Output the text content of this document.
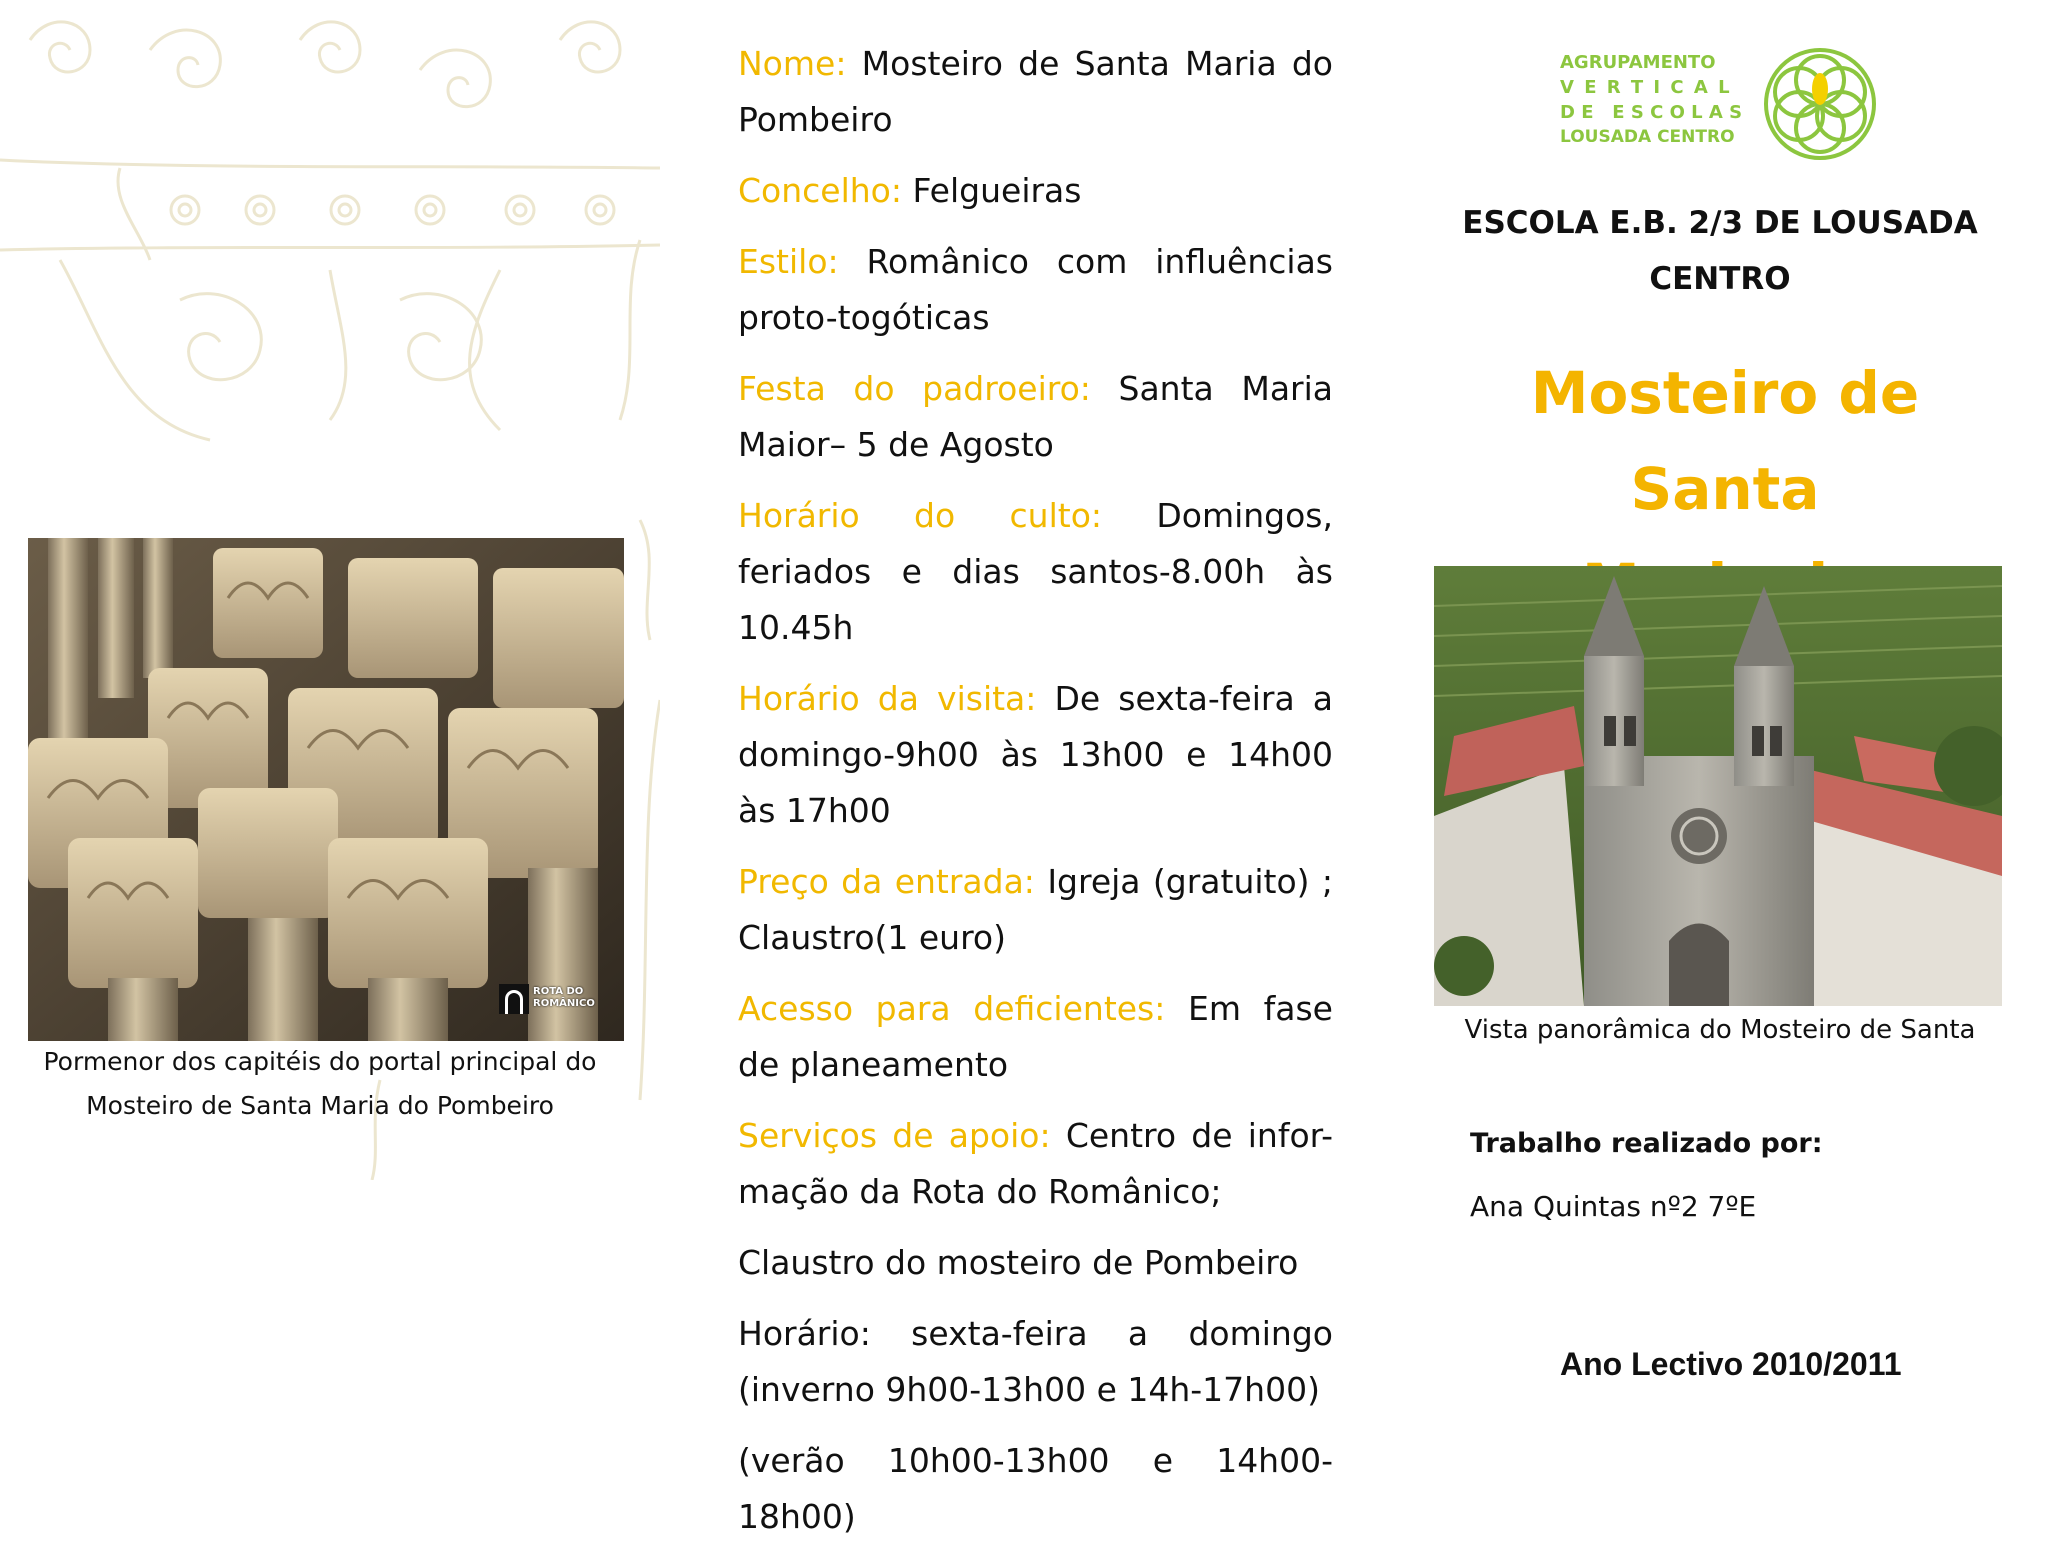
ROTA DO
ROMÂNICO
Pormenor dos capitéis do portal principal do
Mosteiro de Santa Maria do Pombeiro

Nome: Mosteiro de Santa Maria do Pombeiro

Concelho: Felgueiras

Estilo: Românico com influências proto-togóticas

Festa do padroeiro: Santa Maria Maior– 5 de Agosto

Horário do culto: Domingos, feriados e dias santos-8.00h às 10.45h

Horário da visita: De sexta-feira a domingo-9h00 às 13h00 e 14h00 às 17h00

Preço da entrada: Igreja (gratuito) ; Claustro(1 euro)

Acesso para deficientes: Em fase de planeamento

Serviços de apoio: Centro de infor-mação da Rota do Românico;

Claustro do mosteiro de Pombeiro

Horário: sexta-feira a domingo (inverno 9h00-13h00 e 14h-17h00)

(verão 10h00-13h00 e 14h00-18h00)

AGRUPAMENTO
V E R T I C A L
D E   E S C O L A S
LOUSADA CENTRO
ESCOLA E.B. 2/3 DE LOUSADA
CENTRO
Mosteiro de Santa
Vista panorâmica do Mosteiro de Santa
Trabalho realizado por:
Ana Quintas nº2 7ºE
Ano Lectivo 2010/2011
